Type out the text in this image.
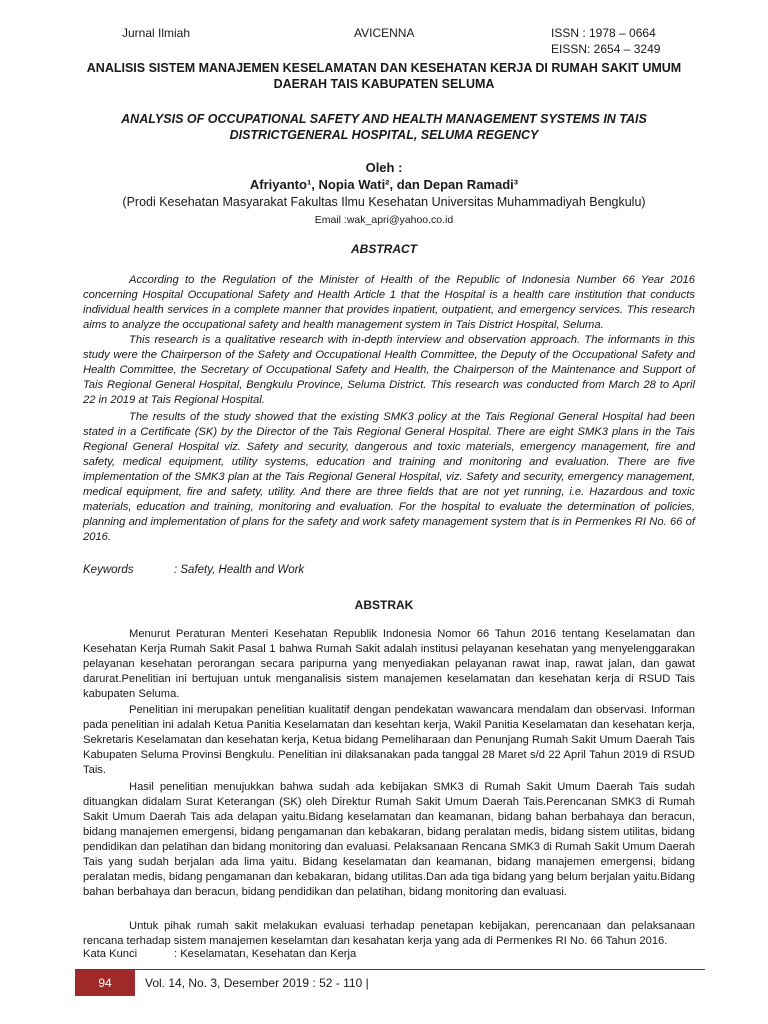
Jurnal Ilmiah	AVICENNA	ISSN : 1978 – 0664
EISSN: 2654 – 3249
ANALISIS SISTEM MANAJEMEN KESELAMATAN DAN KESEHATAN KERJA DI RUMAH SAKIT UMUM
DAERAH TAIS KABUPATEN SELUMA
ANALYSIS OF OCCUPATIONAL SAFETY AND HEALTH MANAGEMENT SYSTEMS IN TAIS
DISTRICTGENERAL HOSPITAL, SELUMA REGENCY
Oleh :
Afriyanto¹, Nopia Wati², dan Depan Ramadi³
(Prodi Kesehatan Masyarakat Fakultas Ilmu Kesehatan Universitas Muhammadiyah Bengkulu)
Email :wak_apri@yahoo.co.id
ABSTRACT
According to the Regulation of the Minister of Health of the Republic of Indonesia Number 66 Year 2016 concerning Hospital Occupational Safety and Health Article 1 that the Hospital is a health care institution that conducts individual health services in a complete manner that provides inpatient, outpatient, and emergency services. This research aims to analyze the occupational safety and health management system in Tais District Hospital, Seluma.
This research is a qualitative research with in-depth interview and observation approach. The informants in this study were the Chairperson of the Safety and Occupational Health Committee, the Deputy of the Occupational Safety and Health Committee, the Secretary of Occupational Safety and Health, the Chairperson of the Maintenance and Support of Tais Regional General Hospital, Bengkulu Province, Seluma District. This research was conducted from March 28 to April 22 in 2019 at Tais Regional Hospital.
The results of the study showed that the existing SMK3 policy at the Tais Regional General Hospital had been stated in a Certificate (SK) by the Director of the Tais Regional General Hospital. There are eight SMK3 plans in the Tais Regional General Hospital viz. Safety and security, dangerous and toxic materials, emergency management, fire and safety, medical equipment, utility systems, education and training and monitoring and evaluation. There are five implementation of the SMK3 plan at the Tais Regional General Hospital, viz. Safety and security, emergency management, medical equipment, fire and safety, utility. And there are three fields that are not yet running, i.e. Hazardous and toxic materials, education and training, monitoring and evaluation. For the hospital to evaluate the determination of policies, planning and implementation of plans for the safety and work safety management system that is in Permenkes RI No. 66 of 2016.
Keywords	: Safety, Health and Work
ABSTRAK
Menurut Peraturan Menteri Kesehatan Republik Indonesia Nomor 66 Tahun 2016 tentang Keselamatan dan Kesehatan Kerja Rumah Sakit Pasal 1 bahwa Rumah Sakit adalah institusi pelayanan kesehatan yang menyelenggarakan pelayanan kesehatan perorangan secara paripurna yang menyediakan pelayanan rawat inap, rawat jalan, dan gawat darurat.Penelitian ini bertujuan untuk menganalisis sistem manajemen keselamatan dan kesehatan kerja di RSUD Tais kabupaten Seluma.
Penelitian ini merupakan penelitian kualitatif dengan pendekatan wawancara mendalam dan observasi. Informan pada penelitian ini adalah Ketua Panitia Keselamatan dan kesehtan kerja, Wakil Panitia Keselamatan dan kesehatan kerja, Sekretaris Keselamatan dan kesehatan kerja, Ketua bidang Pemeliharaan dan Penunjang Rumah Sakit Umum Daerah Tais Kabupaten Seluma Provinsi Bengkulu. Penelitian ini dilaksanakan pada tanggal 28 Maret s/d 22 April Tahun 2019 di RSUD Tais.
Hasil penelitian menujukkan bahwa sudah ada kebijakan SMK3 di Rumah Sakit Umum Daerah Tais sudah dituangkan didalam Surat Keterangan (SK) oleh Direktur Rumah Sakit Umum Daerah Tais.Perencanan SMK3 di Rumah Sakit Umum Daerah Tais ada delapan yaitu.Bidang keselamatan dan keamanan, bidang bahan berbahaya dan beracun, bidang manajemen emergensi, bidang pengamanan dan kebakaran, bidang peralatan medis, bidang sistem utilitas, bidang pendidikan dan pelatihan dan bidang monitoring dan evaluasi. Pelaksanaan Rencana SMK3 di Rumah Sakit Umum Daerah Tais yang sudah berjalan ada lima yaitu. Bidang keselamatan dan keamanan, bidang manajemen emergensi, bidang peralatan medis, bidang pengamanan dan kebakaran, bidang utilitas.Dan ada tiga bidang yang belum berjalan yaitu.Bidang bahan berbahaya dan beracun, bidang pendidikan dan pelatihan, bidang monitoring dan evaluasi.
Untuk pihak rumah sakit melakukan evaluasi terhadap penetapan kebijakan, perencanaan dan pelaksanaan rencana terhadap sistem manajemen keselamtan dan kesahatan kerja yang ada di Permenkes RI No. 66 Tahun 2016.
Kata Kunci	: Keselamatan, Kesehatan dan Kerja
94	Vol. 14, No. 3, Desember 2019 : 52 - 110 |
